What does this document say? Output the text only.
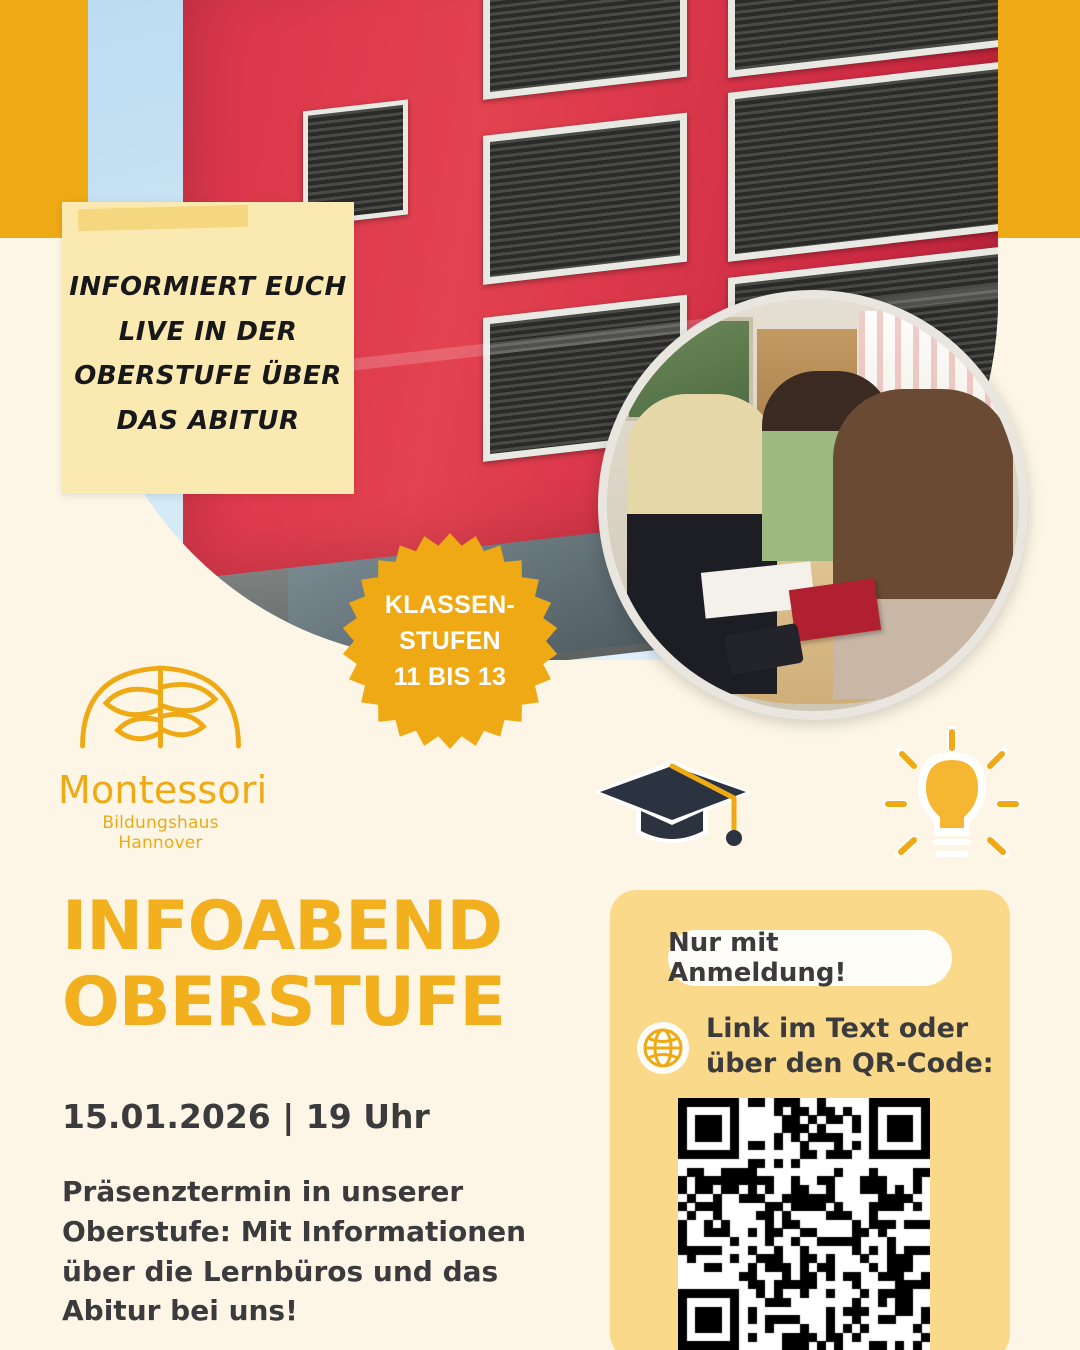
INFORMIERT EUCH
LIVE IN DER
OBERSTUFE ÜBER
DAS ABITUR
KLASSEN-
STUFEN
11 BIS 13
Montessori
Bildungshaus Hannover
INFOABEND
OBERSTUFE
15.01.2026 | 19 Uhr
Präsenztermin in unserer Oberstufe: Mit Informationen über die Lernbüros und das Abitur bei uns!
Nur mit Anmeldung!
Link im Text oder
über den QR-Code:
